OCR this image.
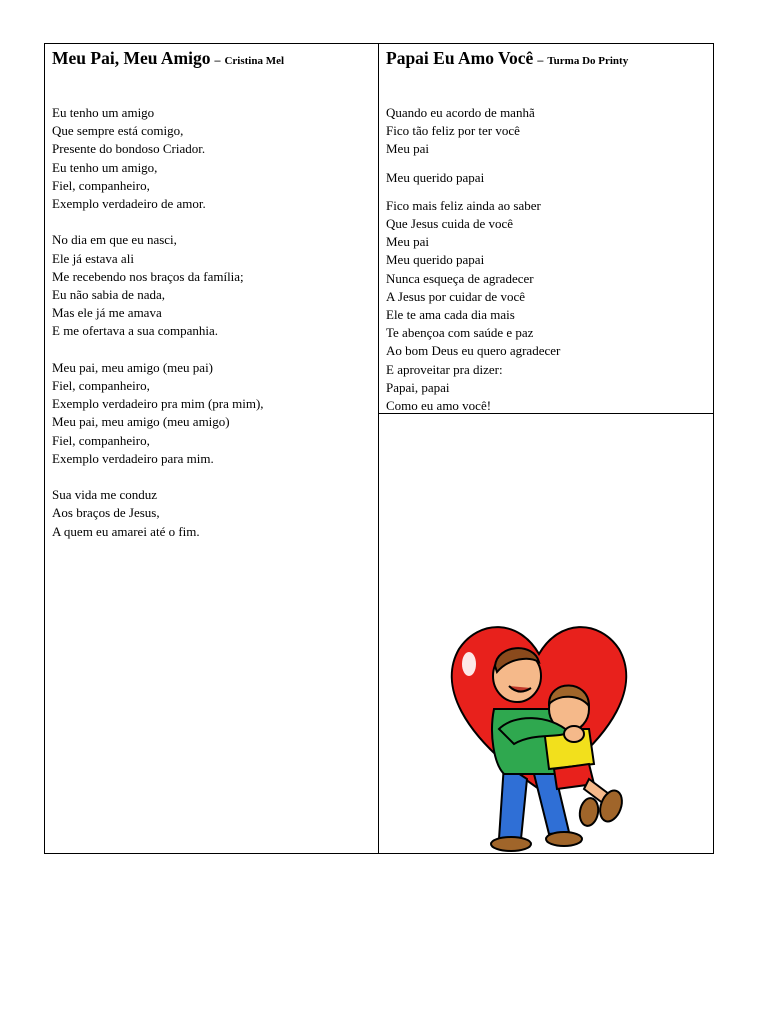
Meu Pai, Meu Amigo – Cristina Mel
Eu tenho um amigo
Que sempre está comigo,
Presente do bondoso Criador.
Eu tenho um amigo,
Fiel, companheiro,
Exemplo verdadeiro de amor.
No dia em que eu nasci,
Ele já estava ali
Me recebendo nos braços da família;
Eu não sabia de nada,
Mas ele já me amava
E me ofertava a sua companhia.
Meu pai, meu amigo (meu pai)
Fiel, companheiro,
Exemplo verdadeiro pra mim (pra mim),
Meu pai, meu amigo (meu amigo)
Fiel, companheiro,
Exemplo verdadeiro para mim.
Sua vida me conduz
Aos braços de Jesus,
A quem eu amarei até o fim.
Papai Eu Amo Você – Turma Do Printy
Quando eu acordo de manhã
Fico tão feliz por ter você
Meu pai
Meu querido papai
Fico mais feliz ainda ao saber
Que Jesus cuida de você
Meu pai
Meu querido papai
Nunca esqueça de agradecer
A Jesus por cuidar de você
Ele te ama cada dia mais
Te abençoa com saúde e paz
Ao bom Deus eu quero agradecer
E aproveitar pra dizer:
Papai, papai
Como eu amo você!
